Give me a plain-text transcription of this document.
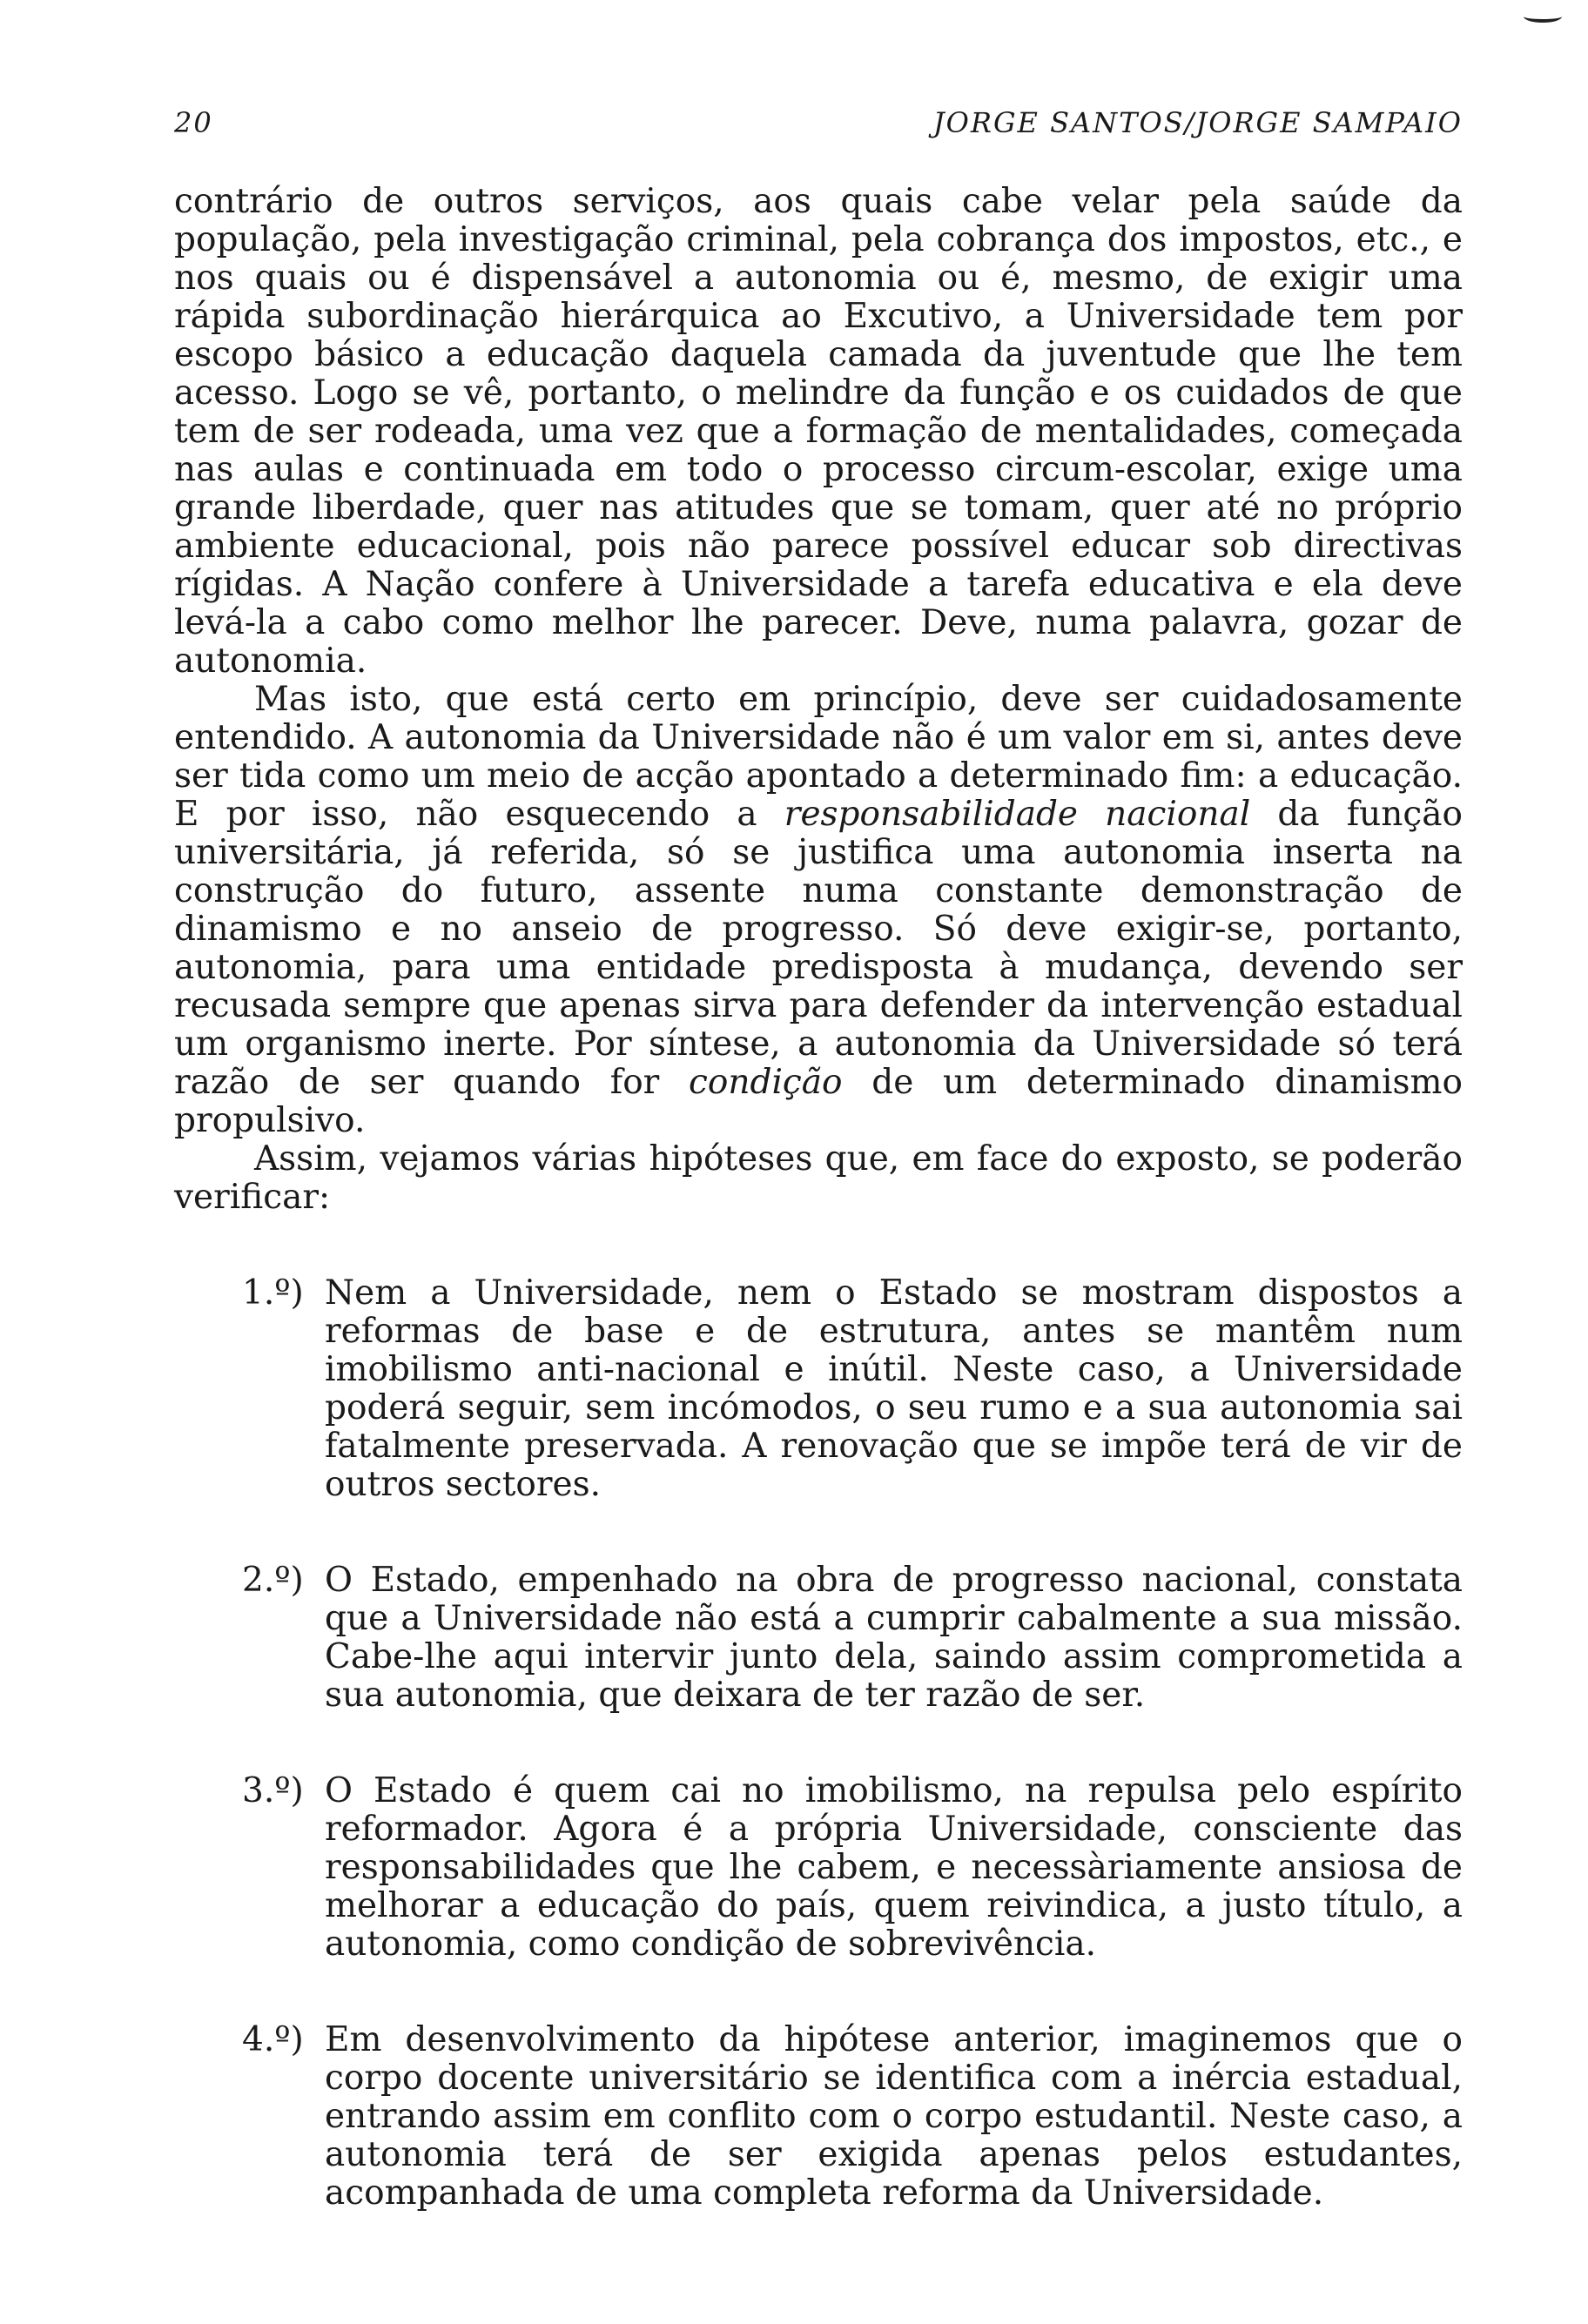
20	JORGE SANTOS/JORGE SAMPAIO

contrário de outros serviços, aos quais cabe velar pela saúde da população, pela investigação criminal, pela cobrança dos impostos, etc., e nos quais ou é dispensável a autonomia ou é, mesmo, de exigir uma rápida subordinação hierárquica ao Excutivo, a Universidade tem por escopo básico a educação daquela camada da juventude que lhe tem acesso. Logo se vê, portanto, o melindre da função e os cuidados de que tem de ser rodeada, uma vez que a formação de mentalidades, começada nas aulas e continuada em todo o processo circum-escolar, exige uma grande liberdade, quer nas atitudes que se tomam, quer até no próprio ambiente educacional, pois não parece possível educar sob directivas rígidas. A Nação confere à Universidade a tarefa educativa e ela deve levá-la a cabo como melhor lhe parecer. Deve, numa palavra, gozar de autonomia.

Mas isto, que está certo em princípio, deve ser cuidadosamente entendido. A autonomia da Universidade não é um valor em si, antes deve ser tida como um meio de acção apontado a determinado fim: a educação. E por isso, não esquecendo a responsabilidade nacional da função universitária, já referida, só se justifica uma autonomia inserta na construção do futuro, assente numa constante demonstração de dinamismo e no anseio de progresso. Só deve exigir-se, portanto, autonomia, para uma entidade predisposta à mudança, devendo ser recusada sempre que apenas sirva para defender da intervenção estadual um organismo inerte. Por síntese, a autonomia da Universidade só terá razão de ser quando for condição de um determinado dinamismo propulsivo.

Assim, vejamos várias hipóteses que, em face do exposto, se poderão verificar:

1.º) Nem a Universidade, nem o Estado se mostram dispostos a reformas de base e de estrutura, antes se mantêm num imobilismo anti-nacional e inútil. Neste caso, a Universidade poderá seguir, sem incómodos, o seu rumo e a sua autonomia sai fatalmente preservada. A renovação que se impõe terá de vir de outros sectores.
2.º) O Estado, empenhado na obra de progresso nacional, constata que a Universidade não está a cumprir cabalmente a sua missão. Cabe-lhe aqui intervir junto dela, saindo assim comprometida a sua autonomia, que deixara de ter razão de ser.
3.º) O Estado é quem cai no imobilismo, na repulsa pelo espírito reformador. Agora é a própria Universidade, consciente das responsabilidades que lhe cabem, e necessàriamente ansiosa de melhorar a educação do país, quem reivindica, a justo título, a autonomia, como condição de sobrevivência.
4.º) Em desenvolvimento da hipótese anterior, imaginemos que o corpo docente universitário se identifica com a inércia estadual, entrando assim em conflito com o corpo estudantil. Neste caso, a autonomia terá de ser exigida apenas pelos estudantes, acompanhada de uma completa reforma da Universidade.
